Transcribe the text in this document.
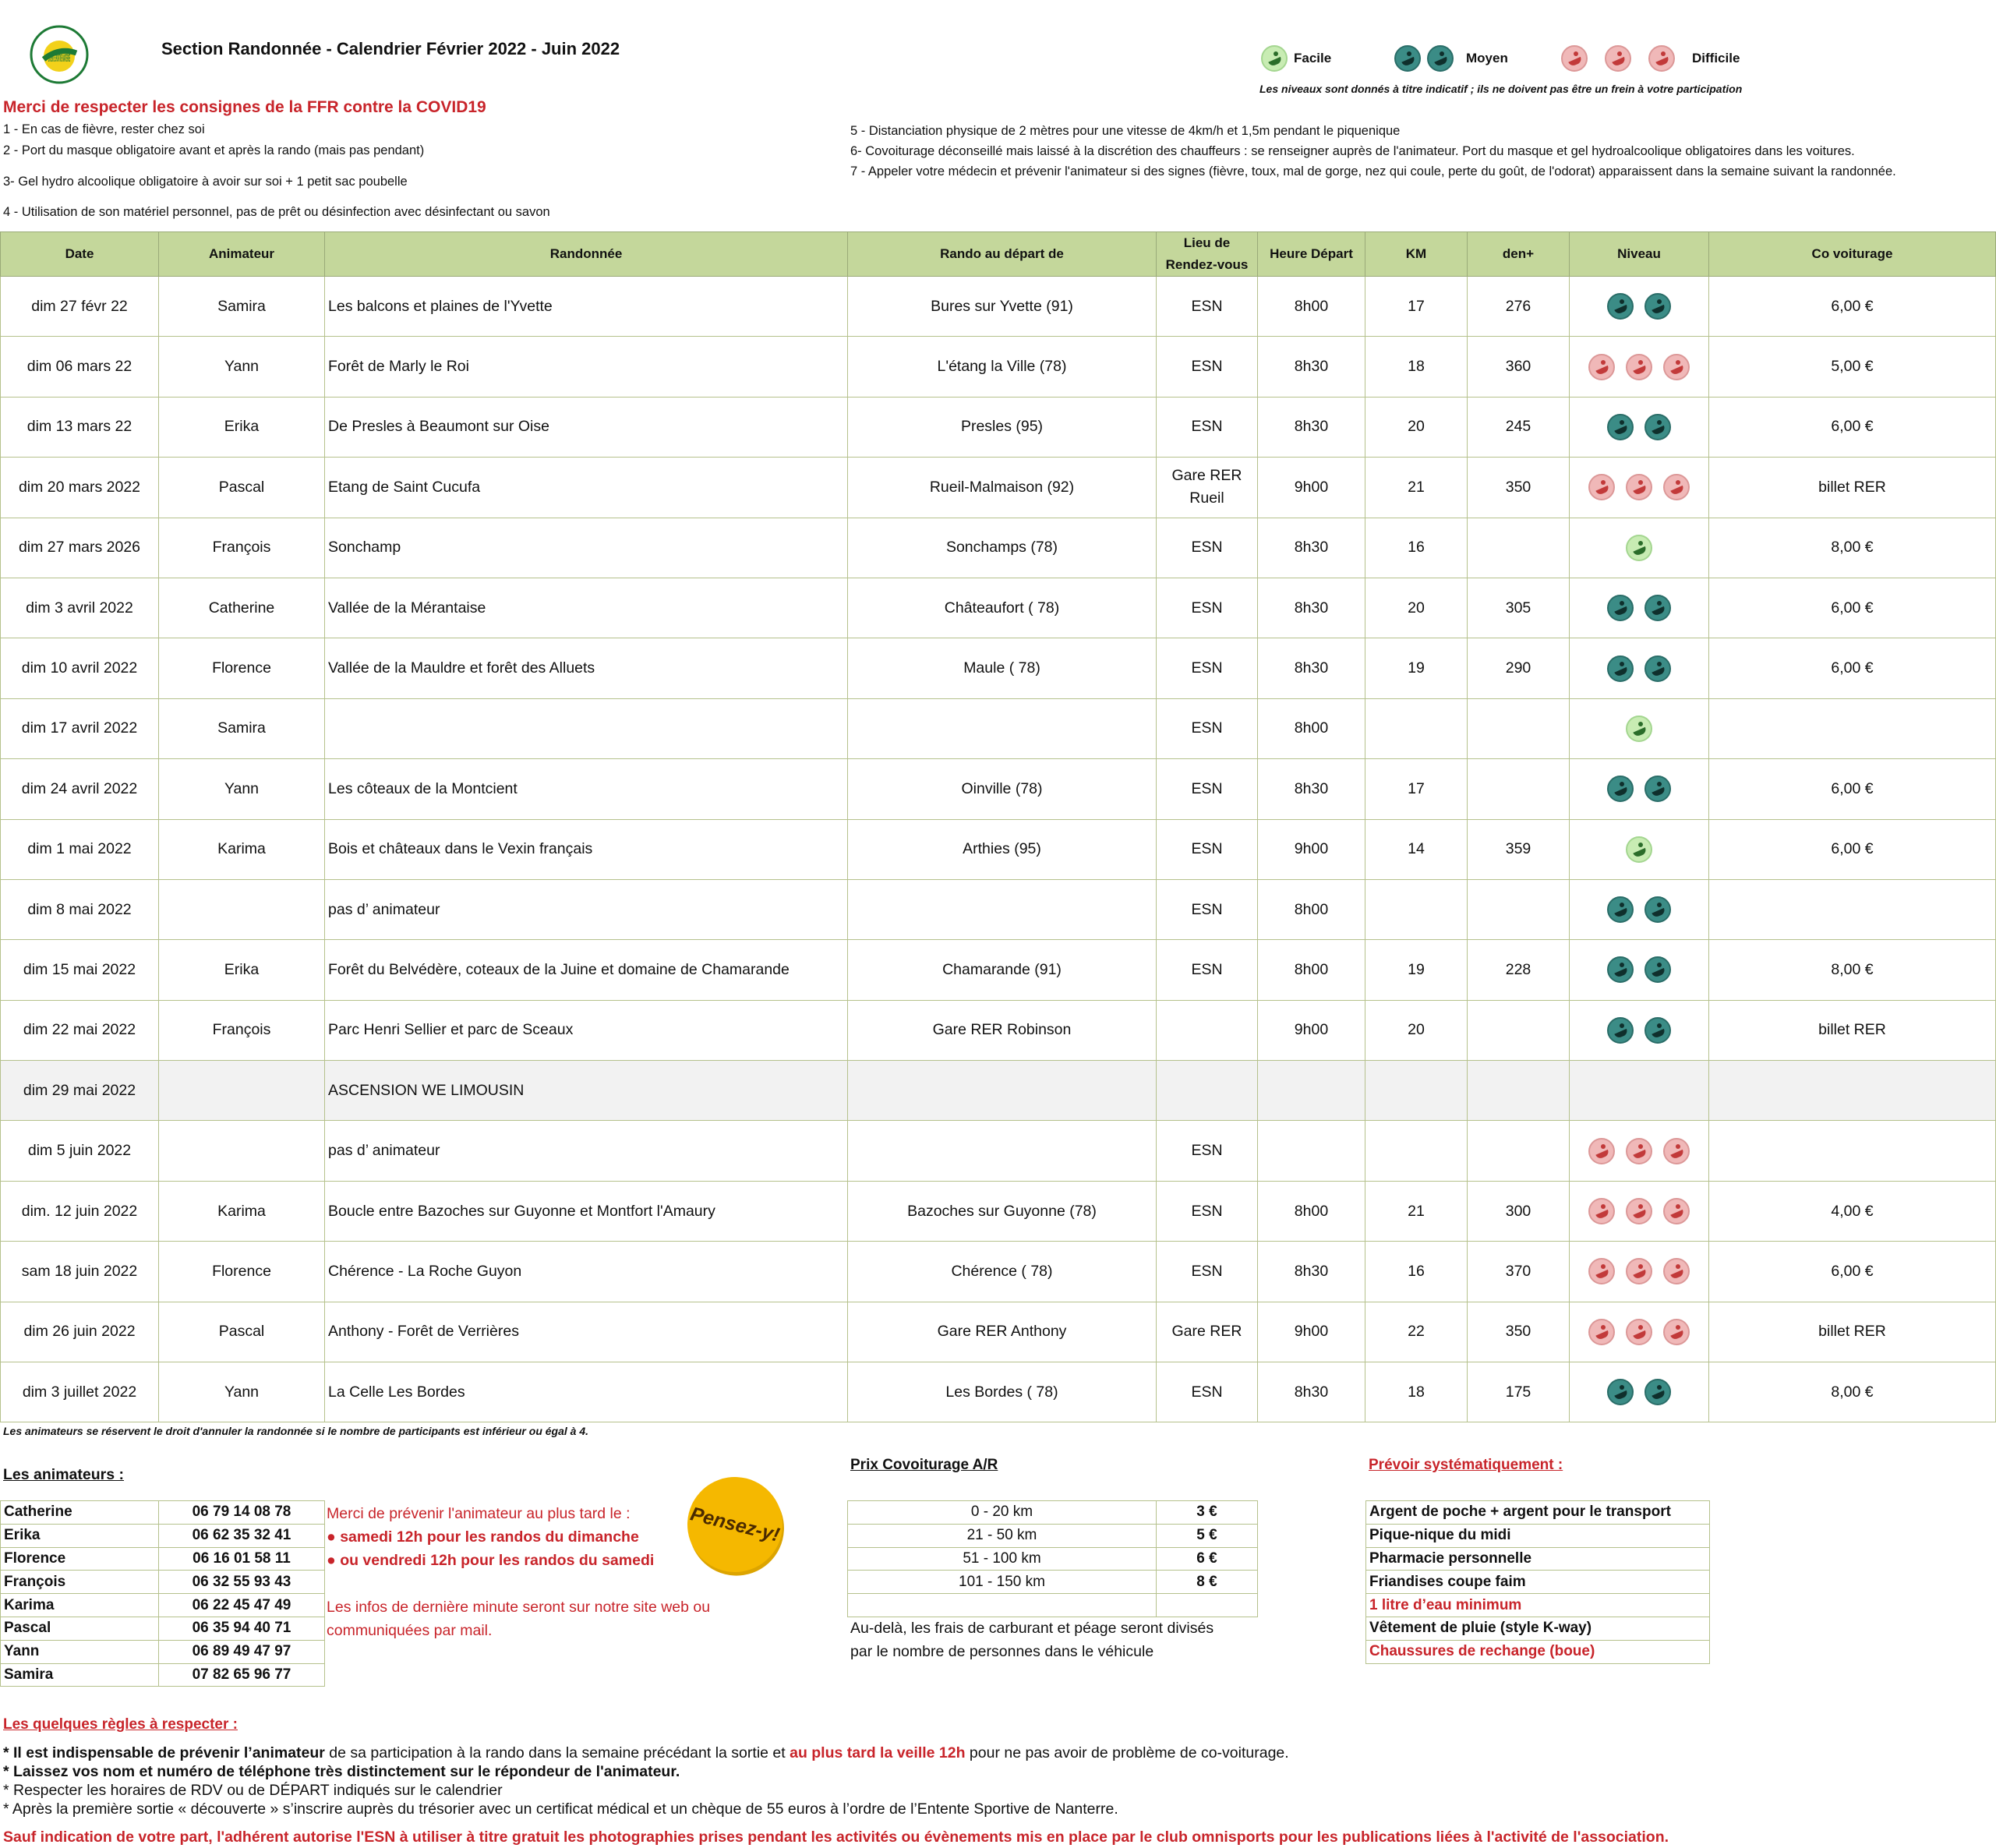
ENTENTE SPORTIVE NANTERRE	Section Randonnée - Calendrier Février 2022 - Juin 2022	Facile	Moyen	Difficile
Les niveaux sont donnés à titre indicatif ; ils ne doivent pas être un frein à votre participation
Merci de respecter les consignes de la FFR contre la COVID19
1 - En cas de fièvre, rester chez soi
2 - Port du masque obligatoire avant et après la rando (mais pas pendant)
3- Gel hydro alcoolique obligatoire à avoir sur soi + 1 petit sac poubelle
4 - Utilisation de son matériel personnel, pas de prêt ou désinfection avec désinfectant ou savon
5 - Distanciation physique de 2 mètres pour une vitesse de 4km/h et 1,5m pendant le piquenique
6- Covoiturage déconseillé mais laissé à la discrétion des chauffeurs : se renseigner auprès de l'animateur. Port du masque et gel hydroalcoolique obligatoires dans les voitures.
7 - Appeler votre médecin et prévenir l'animateur si des signes (fièvre, toux, mal de gorge, nez qui coule, perte du goût, de l'odorat) apparaissent dans la semaine suivant la randonnée.
Date	Animateur	Randonnée	Rando au départ de	Lieu de Rendez-vous	Heure Départ	KM	den+	Niveau	Co voiturage
dim 27 févr 22	Samira	Les balcons et plaines de l'Yvette	Bures sur Yvette (91)	ESN	8h00	17	276		6,00 €
dim 06 mars 22	Yann	Forêt de Marly le Roi	L'étang la Ville (78)	ESN	8h30	18	360		5,00 €
dim 13 mars 22	Erika	De Presles à Beaumont sur Oise	Presles (95)	ESN	8h30	20	245		6,00 €
dim 20 mars 2022	Pascal	Etang de Saint Cucufa	Rueil-Malmaison (92)	Gare RER Rueil	9h00	21	350		billet RER
dim 27 mars 2026	François	Sonchamp	Sonchamps (78)	ESN	8h30	16			8,00 €
dim 3 avril 2022	Catherine	Vallée de la Mérantaise	Châteaufort ( 78)	ESN	8h30	20	305		6,00 €
dim 10 avril 2022	Florence	Vallée de la Mauldre et forêt des Alluets	Maule ( 78)	ESN	8h30	19	290		6,00 €
dim 17 avril 2022	Samira			ESN	8h00			

dim 24 avril 2022	Yann	Les côteaux de la Montcient	Oinville (78)	ESN	8h30	17			6,00 €
dim 1 mai 2022	Karima	Bois et châteaux dans le Vexin français	Arthies (95)	ESN	9h00	14	359		6,00 €
dim 8 mai 2022		pas d’ animateur		ESN	8h00			

dim 15 mai 2022	Erika	Forêt du Belvédère, coteaux de la Juine et domaine de Chamarande	Chamarande (91)	ESN	8h00	19	228		8,00 €
dim 22 mai 2022	François	Parc Henri Sellier et parc de Sceaux	Gare RER Robinson		9h00	20			billet RER
dim 29 mai 2022		ASCENSION WE LIMOUSIN						

dim 5 juin 2022		pas d’ animateur		ESN				

dim. 12 juin 2022	Karima	Boucle entre Bazoches sur Guyonne et Montfort l'Amaury	Bazoches sur Guyonne (78)	ESN	8h00	21	300		4,00 €
sam 18 juin 2022	Florence	Chérence - La Roche Guyon	Chérence ( 78)	ESN	8h30	16	370		6,00 €
dim 26 juin 2022	Pascal	Anthony - Forêt de Verrières	Gare RER Anthony	Gare RER	9h00	22	350		billet RER
dim 3 juillet 2022	Yann	La Celle Les Bordes	Les Bordes ( 78)	ESN	8h30	18	175		8,00 €
Les animateurs se réservent le droit d'annuler la randonnée si le nombre de participants est inférieur ou égal à 4.
Les animateurs :
Catherine	06 79 14 08 78
Erika	06 62 35 32 41
Florence	06 16 01 58 11
François	06 32 55 93 43
Karima	06 22 45 47 49
Pascal	06 35 94 40 71
Yann	06 89 49 47 97
Samira	07 82 65 96 77
Merci de prévenir l'animateur au plus tard le :
● samedi 12h pour les randos du dimanche
● ou vendredi 12h pour les randos du samedi
Les infos de dernière minute seront sur notre site web ou
communiquées par mail.
Pensez-y!
Prix Covoiturage A/R
0 - 20 km	3 €
21 - 50 km	5 €
51 - 100 km	6 €
101 - 150 km	8 €

Au-delà, les frais de carburant et péage seront divisés
par le nombre de personnes dans le véhicule
Prévoir systématiquement :
Argent de poche + argent pour le transport
Pique-nique du midi
Pharmacie personnelle
Friandises coupe faim
1 litre d’eau minimum
Vêtement de pluie (style K-way)
Chaussures de rechange (boue)
Les quelques règles à respecter :
* Il est indispensable de prévenir l’animateur de sa participation à la rando dans la semaine précédant la sortie et au plus tard la veille 12h pour ne pas avoir de problème de co-voiturage.
* Laissez vos nom et numéro de téléphone très distinctement sur le répondeur de l'animateur.
* Respecter les horaires de RDV ou de DÉPART indiqués sur le calendrier
* Après la première sortie « découverte » s’inscrire auprès du trésorier avec un certificat médical et un chèque de 55 euros à l’ordre de l’Entente Sportive de Nanterre.
Sauf indication de votre part, l'adhérent autorise l'ESN à utiliser à titre gratuit les photographies prises pendant les activités ou évènements mis en place par le club omnisports pour les publications liées à l'activité de l'association.
